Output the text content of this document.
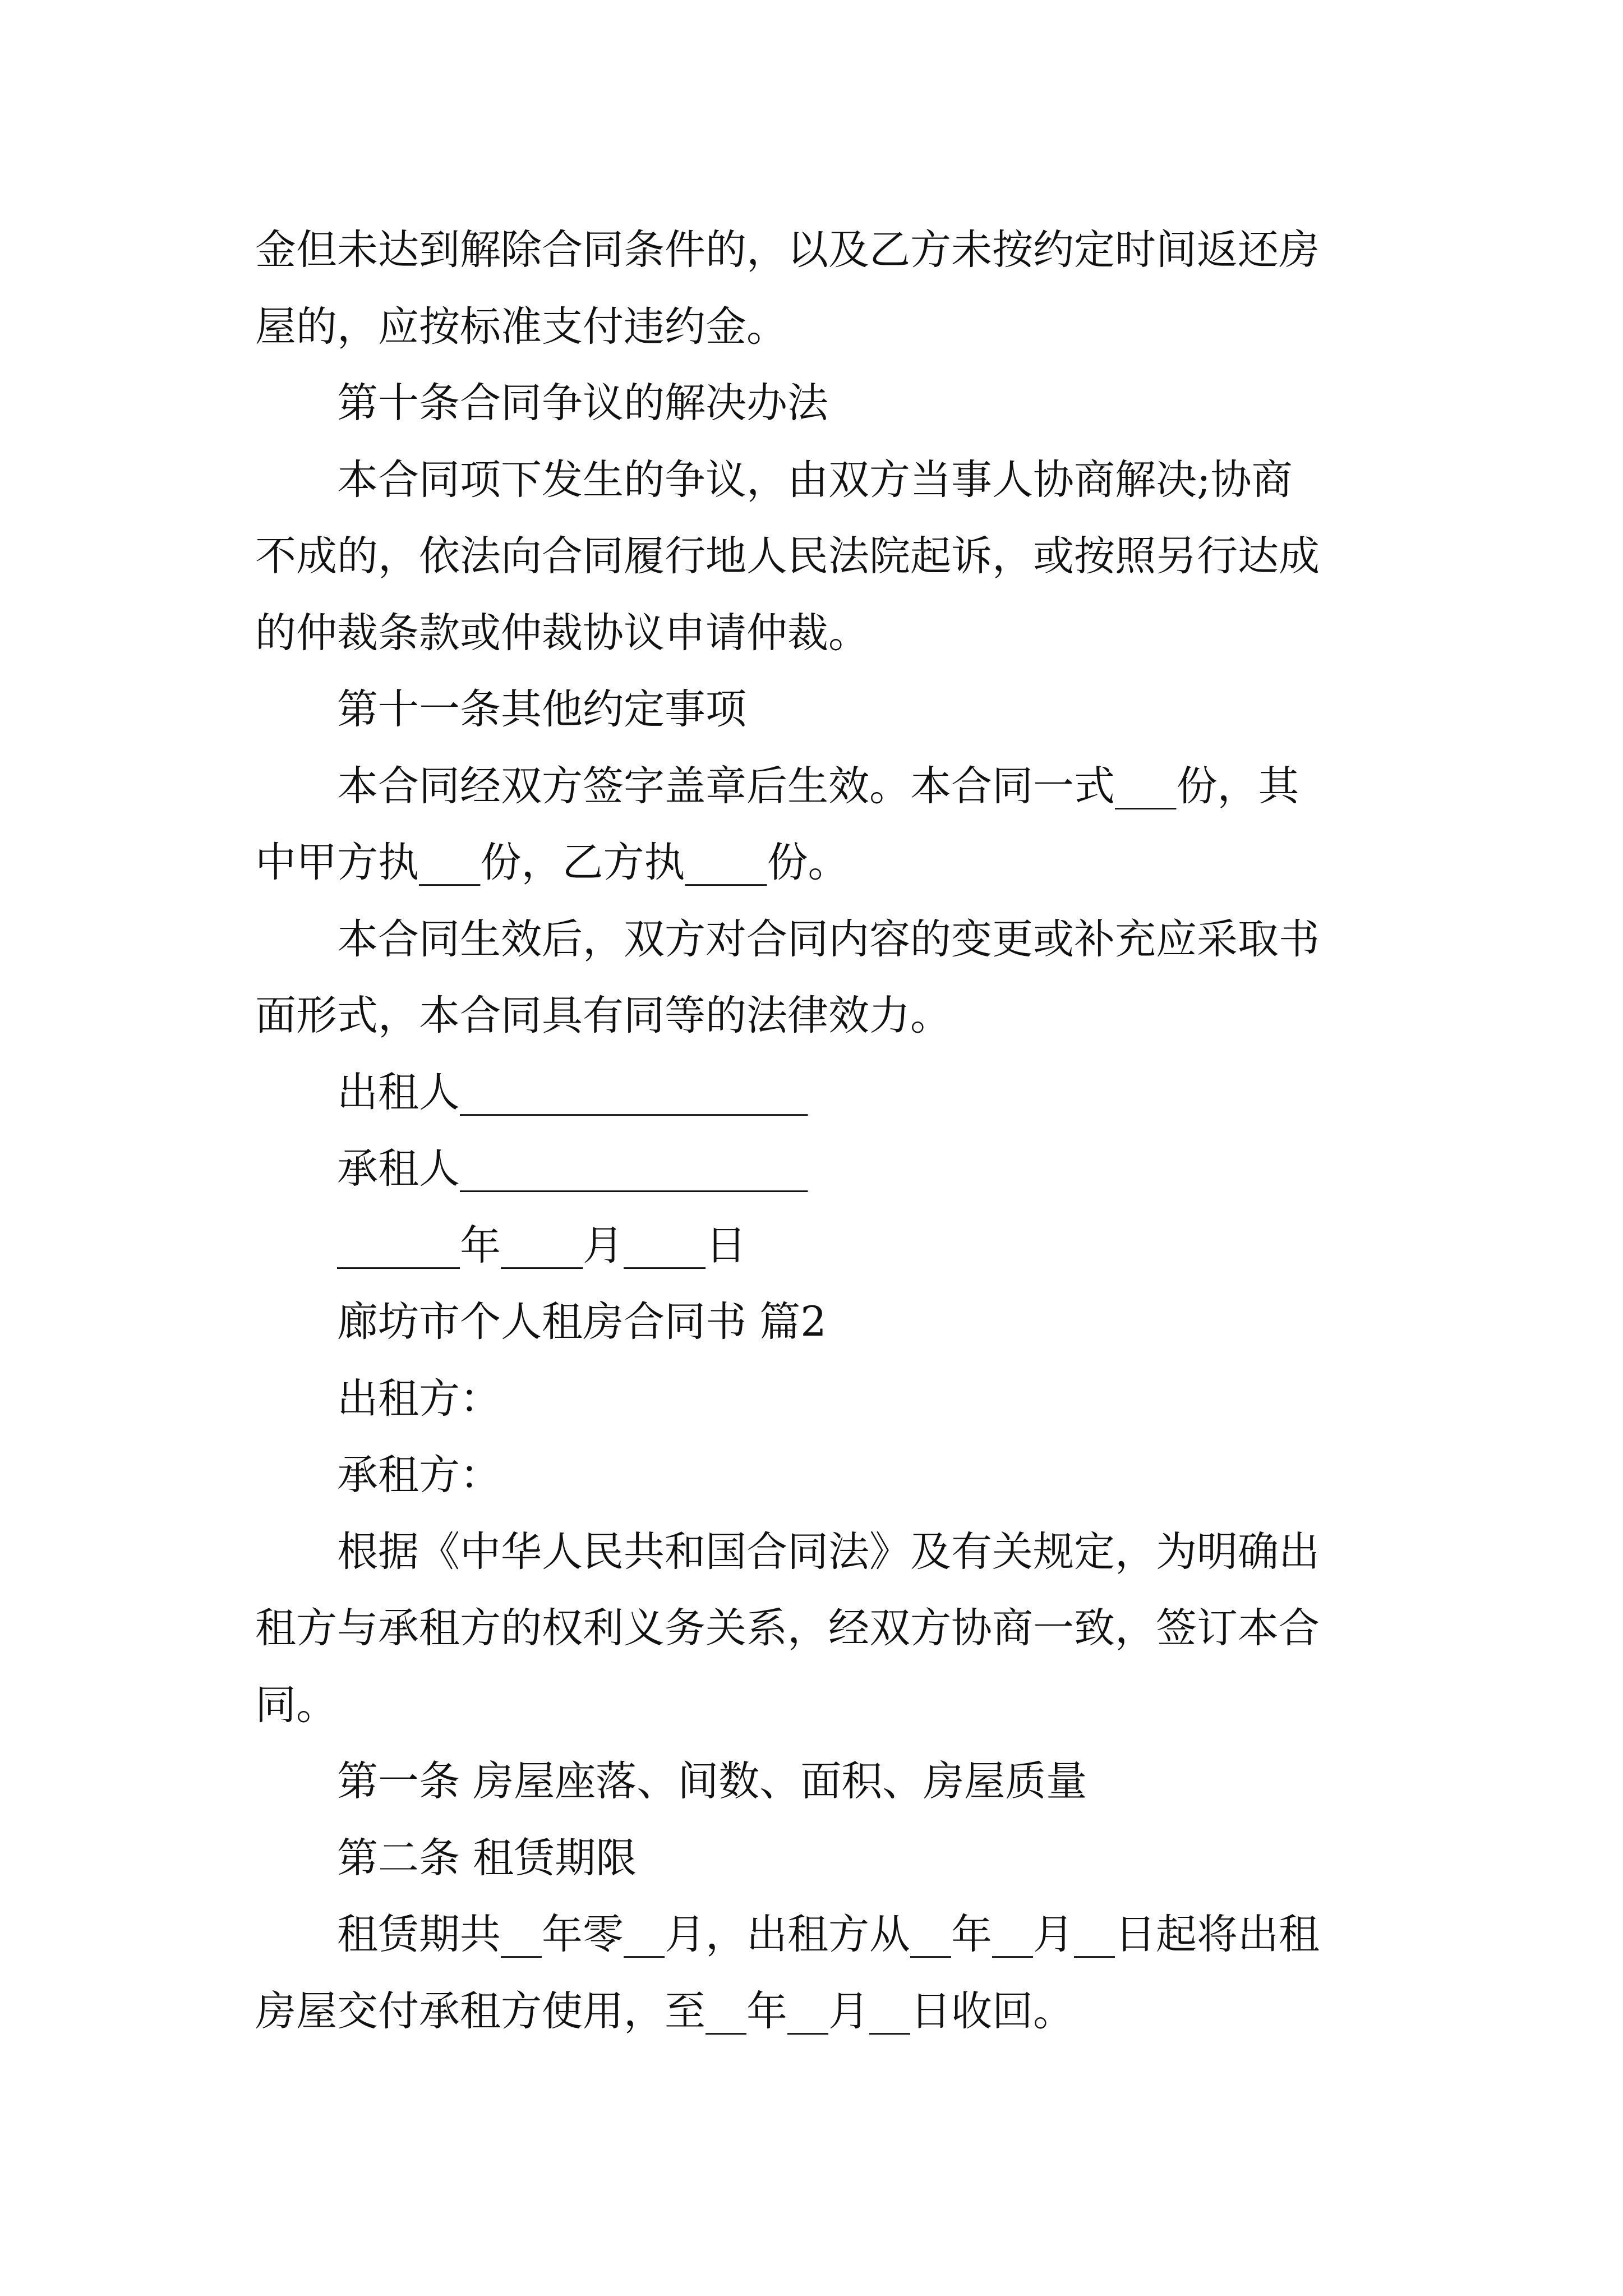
金但未达到解除合同条件的，以及乙方未按约定时间返还房

屋的，应按标准支付违约金。

第十条合同争议的解决办法

本合同项下发生的争议，由双方当事人协商解决;协商

不成的，依法向合同履行地人民法院起诉，或按照另行达成

的仲裁条款或仲裁协议申请仲裁。

第十一条其他约定事项

本合同经双方签字盖章后生效。本合同一式___份，其

中甲方执___份，乙方执____份。

本合同生效后，双方对合同内容的变更或补充应采取书

面形式，本合同具有同等的法律效力。

出租人_________________

承租人_________________

______年____月____日

廊坊市个人租房合同书 篇2

出租方：

承租方：

根据《中华人民共和国合同法》及有关规定，为明确出

租方与承租方的权利义务关系，经双方协商一致，签订本合

同。

第一条 房屋座落、间数、面积、房屋质量

第二条 租赁期限

租赁期共__年零__月，出租方从__年__月__日起将出租

房屋交付承租方使用，至__年__月__日收回。
